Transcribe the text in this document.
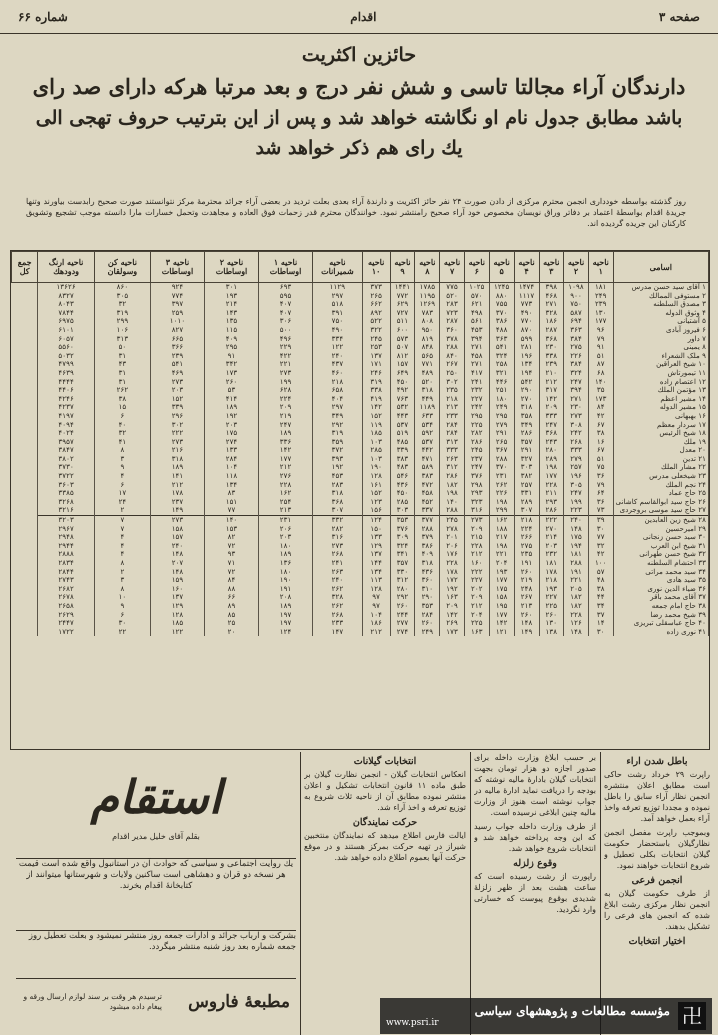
صفحه ۳
اقدام
شماره ۶۶
حائزین اکثریت
دارندگان آراء مجالتا تاسی و شش نفر درج و بعد مرتبا هرکه دارای صد رای
باشد مطابق جدول نام او نگاشته خواهد شد و پس از این بترتیب حروف تهجی الی
یك رای هم ذکر خواهد شد
روز گذشته بواسطه خودداری انجمن محترم مرکزی از دادن صورت ۲۴ نفر حائز اکثریت و دارندهٔ آراء بعدی بعلت تردید در بعضی آراء جرائد محترمهٔ مرکز نتوانستند صورت صحیح رابدست بیاورند وتنها جریدهٔ اقدام بواسطهٔ اعتماد بر دفاتر وراق نویسان مخصوص خود آراء صحیح رامنتشر نمود. خوانندگان محترم قدر زحمات فوق العاده و مجاهدت وتحمل خسارات مارا دانسته موجب تشجیع وتشویق کارکنان این جریده گردیده اند.
اسامی	ناحیه ۱	ناحیه ۲	ناحیه ۳	ناحیه ۴	ناحیه ۵	ناحیه ۶	ناحیه ۷	ناحیه ۸	ناحیه ۹	ناحیه ۱۰	ناحیه شمیرانات	ناحیه ۱ اوساطات	ناحیه ۲ اوساطات	ناحیه ۳ اوساطات	ناحیه کن وسولقان	ناحیه ارنگ ودودهك	جمع کل
۱ آقای سید حسن مدرس	۱۸۱	۱۰۹۸	۳۹۸	۱۴۷۴	۱۲۴۵	۱۰۲۵	۷۷۵	۱۷۸۵	۱۴۴۱	۳۷۳	۱۱۲۹	۶۹۳	۳۰۱	۹۲۴	۸۶۰	۱۳۶۲۶	
۲ مستوفی الممالك	۲۴۹	۹۰۰	۴۶۸	۱۱۱۷	۸۸۰	۵۷۰	۵۲۰	۱۱۹۵	۷۷۲	۲۶۵	۲۹۷	۵۹۵	۱۹۳	۷۷۴	۳۰۵	۸۳۲۷	
۳ مصدق السلطنه	۲۳۹	۷۵۰	۲۷۱	۷۷۳	۷۵۵	۶۲۱	۲۸۳	۱۲۶۹	۶۲۹	۶۶۲	۵۱۸	۴۰۷	۲۱۴	۳۹۷	۳۲	۸۰۴۳	
۴ وثوق الدوله	۱۳۰	۵۸۷	۳۲۸	۴۹۰	۳۷۰	۴۹۸	۷۲۳	۷۸۳	۷۲۷	۸۹۲	۳۹۱	۴۰۷	۱۴۳	۲۵۹	۳۱۹	۷۸۴۴	
۵ آشتیانی	۱۷۷	۶۹۴	۱۸۶	۷۷۰	۳۸۶	۵۶۱	۲۸۷	۸۰۸	۵۱۱	۵۲۲	۷۵۰	۳۰۶	۱۳۵	۱۰۱۰	۲۹۹	۶۹۷۵	
۶ فیروز آبادی	۹۶	۳۶۳	۲۸۷	۸۷۰	۴۸۸	۴۵۳	۳۶۰	۹۵۰	۶۰۰	۳۲۲	۴۹۰	۵۰۰	۱۱۵	۸۲۷	۱۰۶	۶۱۰۱	
۷ داور	۷۹	۳۸۴	۳۶۸	۵۹۹	۳۶۳	۳۹۴	۳۷۸	۸۱۹	۵۷۳	۲۴۵	۳۳۴	۴۹۶	۴۰۹	۶۶۵	۳۱۳	۶۰۵۷	
۸ یمینی	۹۱	۲۷۵	۲۳۰	۲۸۱	۵۴۱	۲۷۱	۲۸۸	۸۴۸	۵۰۷	۲۵۳	۱۲۲	۲۲۹	۲۹۵	۳۶۶	۵۰	۵۵۶۰	
۹ ملک الشعراء	۵۱	۲۲۶	۳۳۸	۱۹۶	۳۲۴	۴۵۸	۸۴۰	۵۶۵	۸۱۲	۱۳۷	۲۴۰	۴۲۲	۹۱	۲۳۹	۳۱	۵۰۳۲	
۱۰ شیخ العراقین	۸۷	۳۸۴	۲۳۹	۱۳۴	۲۵۸	۲۷۱	۲۶۷	۷۷۱	۱۵۷	۱۷۱	۴۳۷	۲۲۱	۳۴۲	۵۴۱	۴۳	۴۷۹۹	
۱۱ تیمورتاش	۶۸	۳۲۴	۲۱۰	۱۹۴	۳۲۱	۴۱۷	۲۵۰	۴۸۹	۶۴۹	۲۴۶	۴۶۰	۲۷۳	۱۷۳	۴۶۹	۳۱	۴۶۳۹	
۱۲ اعتصام زاده	۱۴۰	۲۴۷	۲۱۲	۵۴۲	۴۴۶	۲۴۱	۳۰۲	۵۲۰	۴۵۰	۳۱۹	۲۱۸	۱۹۹	۲۶۰	۲۷۳	۳۱	۴۴۴۴	
۱۳ مؤتمن الملك	۳۵	۳۹۴	۳۱۷	۲۹۰	۲۵۱	۲۳۲	۲۳۵	۳۱۸	۴۹۲	۳۳۸	۶۵۸	۶۲۸	۵۳	۲۰۳	۲۶۲	۴۴۰۶	
۱۴ مشیر اعظم	۱۷۳	۲۷۱	۱۴۲	۲۷۰	۱۸۰	۲۲۷	۲۱۸	۴۴۹	۷۶۳	۴۱۹	۴۰۴	۲۲۴	۴۱۴	۱۵۲	۳۸	۴۲۴۶	
۱۵ مشیر الدوله	۸۴	۲۳۰	۲۰۹	۳۱۸	۲۴۹	۲۴۲	۲۱۳	۱۱۸۹	۵۳۲	۱۴۲	۲۹۷	۲۰۹	۱۸۹	۳۳۹	۱۵	۴۲۳۷	
۱۶ بهبهانی	۴۲	۲۷۳	۳۳۳	۳۵۸	۲۹۵	۲۹۵	۲۳۳	۶۳۳	۴۴۳	۱۵۲	۳۴۹	۲۱۹	۱۹۲	۲۹۶	۶	۴۱۹۷	
۱۷ سردار معظم	۶۷	۳۰۸	۲۴۷	۳۴۹	۲۷۹	۲۲۵	۲۸۴	۵۳۴	۵۳۷	۱۱۹	۲۹۲	۲۴۷	۲۰۳	۳۰۲	۴۰	۴۰۹۴	
۱۸ شیخ الرئیس	۳۸	۲۴۲	۳۶۸	۲۸۶	۲۹۱	۲۸۲	۲۸۴	۵۹۲	۵۱۹	۱۸۵	۳۱۹	۱۸۹	۱۷۵	۲۲۲	۳۲	۴۰۲۴	
۱۹ ملك	۱۶	۲۶۸	۲۴۳	۳۵۷	۲۶۵	۲۸۶	۳۱۳	۵۳۷	۴۸۵	۱۰۳	۳۵۹	۳۳۶	۲۷۴	۲۷۳	۴۱	۳۹۵۷	
۲۰ معدل	۶۷	۳۳۳	۲۸۰	۲۹۱	۳۶۷	۲۴۵	۳۳۳	۴۴۲	۳۳۹	۲۸۵	۳۷۲	۱۴۲	۱۳۳	۲۱۶	۸	۳۸۴۷	
۲۱ تدین	۵۱	۲۷۹	۲۸۹	۳۲۷	۲۸۸	۲۳۷	۲۶۳	۴۷۱	۳۸۳	۱۰۳	۳۹۳	۱۷۷	۲۸۴	۳۱۸	۳	۳۸۰۲	
۲۲ مشار الملك	۷۵	۲۵۷	۱۹۸	۳۰۳	۳۷۰	۲۴۷	۳۱۲	۵۸۹	۴۸۳	۱۹۰	۱۹۲	۲۱۲	۱۰۴	۱۸۹	۹	۳۷۳۰	
۲۳ شیخعلی مدرس	۳۶	۱۹۶	۱۷۷	۳۸۲	۲۳۱	۳۷۶	۲۸۶	۳۸۳	۵۴۶	۱۲۸	۴۵۳	۲۷۶	۱۱۸	۱۴۱	۴	۳۷۲۲	
۲۴ نجم الملك	۷۹	۳۰۵	۲۲۸	۲۵۷	۲۶۲	۲۹۸	۱۸۲	۴۷۲	۴۳۶	۱۶۱	۲۸۳	۲۲۸	۱۳۴	۲۱۲	۶	۳۶۰۳	
۲۵ حاج عماد	۶۴	۲۴۷	۲۱۱	۳۳۱	۲۲۶	۲۹۳	۱۹۸	۴۵۸	۴۵۰	۱۵۲	۳۱۸	۱۶۲	۸۳	۱۷۸	۱۷	۳۳۸۵	
۲۶ حاج سید ابوالقاسم کاشانی	۳۶	۱۹۹	۲۹۳	۲۸۹	۱۹۸	۳۲۳	۱۴۰	۴۵۲	۲۸۵	۱۲۳	۳۶۸	۲۵۴	۱۵۱	۲۳۷	۲۴	۳۲۶۸	
۲۷ حاج سید موسی بروجردی	۷۳	۲۲۳	۲۸۶	۳۰۷	۲۹۹	۳۱۶	۲۸۸	۳۳۷	۳۰۳	۱۵۶	۳۰۷	۲۱۳	۷۷	۱۴۹	۲	۳۲۱۶	
۲۸ شیخ زین العابدین	۳۹	۲۴۰	۲۲۲	۲۱۸	۱۶۲	۲۷۳	۲۴۵	۳۷۷	۳۵۳	۱۲۴	۳۳۲	۲۳۱	۱۴۰	۲۷۳	۷	۳۲۰۳	
۲۹ امیرحسین	۳۰	۱۴۸	۲۷۰	۲۲۴	۱۸۸	۲۰۹	۲۷۸	۲۸۸	۳۷۶	۱۵۰	۲۸۲	۲۰۶	۱۵۳	۱۵۸	۷	۲۹۶۷	
۳۰ سید حسن زنجانی	۷۷	۱۷۵	۲۱۴	۲۶۶	۲۱۷	۲۱۵	۲۰۱	۳۷۹	۳۰۹	۱۳۳	۳۱۶	۲۰۳	۸۲	۱۵۷	۴	۲۹۴۸	
۳۱ شیخ ابن العرب	۳۲	۱۹۴	۲۰۳	۲۷۵	۱۹۸	۲۲۸	۲۰۶	۳۸۶	۳۲۴	۱۲۹	۲۷۳	۱۸۰	۷۲	۲۴۰	۴	۲۹۴۴	
۳۲ شیخ حسن طهرانی	۴۲	۱۸۱	۲۳۲	۲۳۵	۲۲۱	۲۱۲	۱۷۶	۴۰۹	۳۴۱	۱۳۷	۲۶۸	۱۸۹	۹۳	۱۴۸	۴	۲۸۸۸	
۳۳ احتشام السلطنه	۱۰۰	۲۸۸	۱۸۱	۱۹۱	۲۰۴	۱۶۰	۲۲۸	۳۱۸	۳۵۷	۱۴۴	۲۴۱	۱۳۶	۷۱	۲۰۷	۸	۲۸۳۴	
۳۴ سید محمد مراتی	۵۷	۱۹۱	۱۷۸	۲۶۰	۱۹۳	۲۲۲	۱۷۸	۴۳۶	۳۳۰	۱۳۴	۲۶۳	۱۸۰	۷۲	۱۴۸	۲	۲۸۴۴	
۳۵ سید هادی	۴۸	۲۲۱	۲۱۸	۲۱۹	۱۷۷	۲۲۷	۱۷۲	۳۶۰	۳۱۲	۱۱۳	۲۴۰	۱۹۰	۸۴	۱۵۹	۳	۲۷۴۳	
۳۶ ضیاء الدین نوری	۳۸	۲۰۵	۱۹۳	۲۴۸	۱۷۵	۲۰۲	۱۹۲	۳۱۰	۲۸۰	۱۲۸	۲۶۲	۱۹۱	۸۸	۱۶۰	۸	۲۶۸۲	
۳۷ آقای محمد باقر	۴۴	۱۸۲	۲۲۷	۲۶۷	۱۵۸	۲۰۹	۱۶۳	۲۹۰	۲۹۲	۹۷	۳۲۸	۲۰۸	۶۶	۱۳۷	۱۰	۲۶۷۸	
۳۸ حاج امام جمعه	۳۴	۱۸۲	۲۲۵	۲۱۳	۱۹۵	۲۱۲	۲۰۹	۳۵۳	۲۶۰	۹۷	۲۶۲	۱۸۹	۸۹	۱۲۹	۹	۲۶۵۸	
۳۹ شیخ محمد رضا	۳۷	۲۲۸	۲۶۰	۲۶۰	۱۷۷	۲۰۴	۱۴۲	۲۸۴	۲۴۴	۱۰۴	۲۶۸	۱۹۷	۸۵	۱۲۸	۶	۲۶۲۹	
۴۰ حاج عباسقلی تبریزی	۱۴	۱۲۶	۱۳۰	۱۴۸	۱۴۲	۲۲۵	۲۶۹	۲۶۰	۲۷۷	۱۸۶	۲۳۳	۱۹۷	۲۵	۱۸۵	۳۰	۲۴۴۷	
۴۱ نوری زاده	۳۰	۱۴۸	۱۳۸	۱۴۹	۱۲۱	۱۶۳	۱۷۳	۲۴۹	۲۷۴	۲۱۲	۱۴۷	۱۲۴	۲۰	۱۲۲	۲۲	۱۷۲۲	
باطل شدن اراء

راپرت ۲۹ خرداد رشت حاکی است مطابق اعلان منتشره انجمن نظار آراء سابق را باطل نموده و مجددا توزیع تعرفه واخذ آراء بعمل خواهد آمد.

وبموجب راپرت مفصل انجمن نظارگیلان باستحضار حکومت گیلان انتخابات بکلی تعطیل و شروع انتخابات خواهند نمود.

انجمن فرعی

از طرف حکومت گیلان به انجمن نظار مرکزی رشت ابلاغ شده که انجمن های فرعی را تشکیل بدهند.

اختیار انتخابات

بر حسب ابلاغ وزارت داخله برای صدور اجازه دو هزار تومان بجهت انتخابات گیلان بادارهٔ مالیه نوشته که بودجه را دریافت نماید ادارهٔ مالیه در جواب نوشته است هنوز از وزارت مالیه چنین ابلاغی نرسیده است.

از طرف وزارت داخله جواب رسید که این وجه پرداخته خواهد شد و انتخابات شروع خواهد شد.

وقوع زلزله

راپورت از رشت رسیده است که ساعت هشت بعد از ظهر زلزلهٔ شدیدی بوقوع پیوست که خسارتی وارد نگردید.

انتخابات گیلانات

انعکاس انتخابات گیلان - انجمن نظارت گیلان بر طبق ماده ۱۱ قانون انتخابات تشکیل و اعلان منتشر نموده مطابق آن از ناحیه ثلاث شروع به توزیع تعرفه و اخذ آراء شد.

حرکت نمایندگان

ایالت فارس اطلاع میدهد که نمایندگان منتخبین شیراز در تهیه حرکت بمرکز هستند و در موقع حرکت آنها بعموم اطلاع داده خواهد شد.

استقام
بقلم آقای خلیل مدیر اقدام
یك روایت اجتماعی و سیاسی که حوادث آن در استانبول واقع شده است قیمت هر نسخه دو قران و دهشاهی است ساکنین ولایات و شهرستانها میتوانند از کتابخانهٔ اقدام بخرند.
بشرکت و ارباب جرائد و ادارات جمعه روز منتشر نمیشود و بعلت تعطیل روز جمعه شماره بعد روز شنبه منتشر میگردد.
مطبعهٔ فاروس
ترسیدم هر وقت بر سند لوازم ارسال ورقه و پیغام داده میشود	卍
مؤسسه مطالعات و پژوهشهای سیاسی
www.psri.ir
